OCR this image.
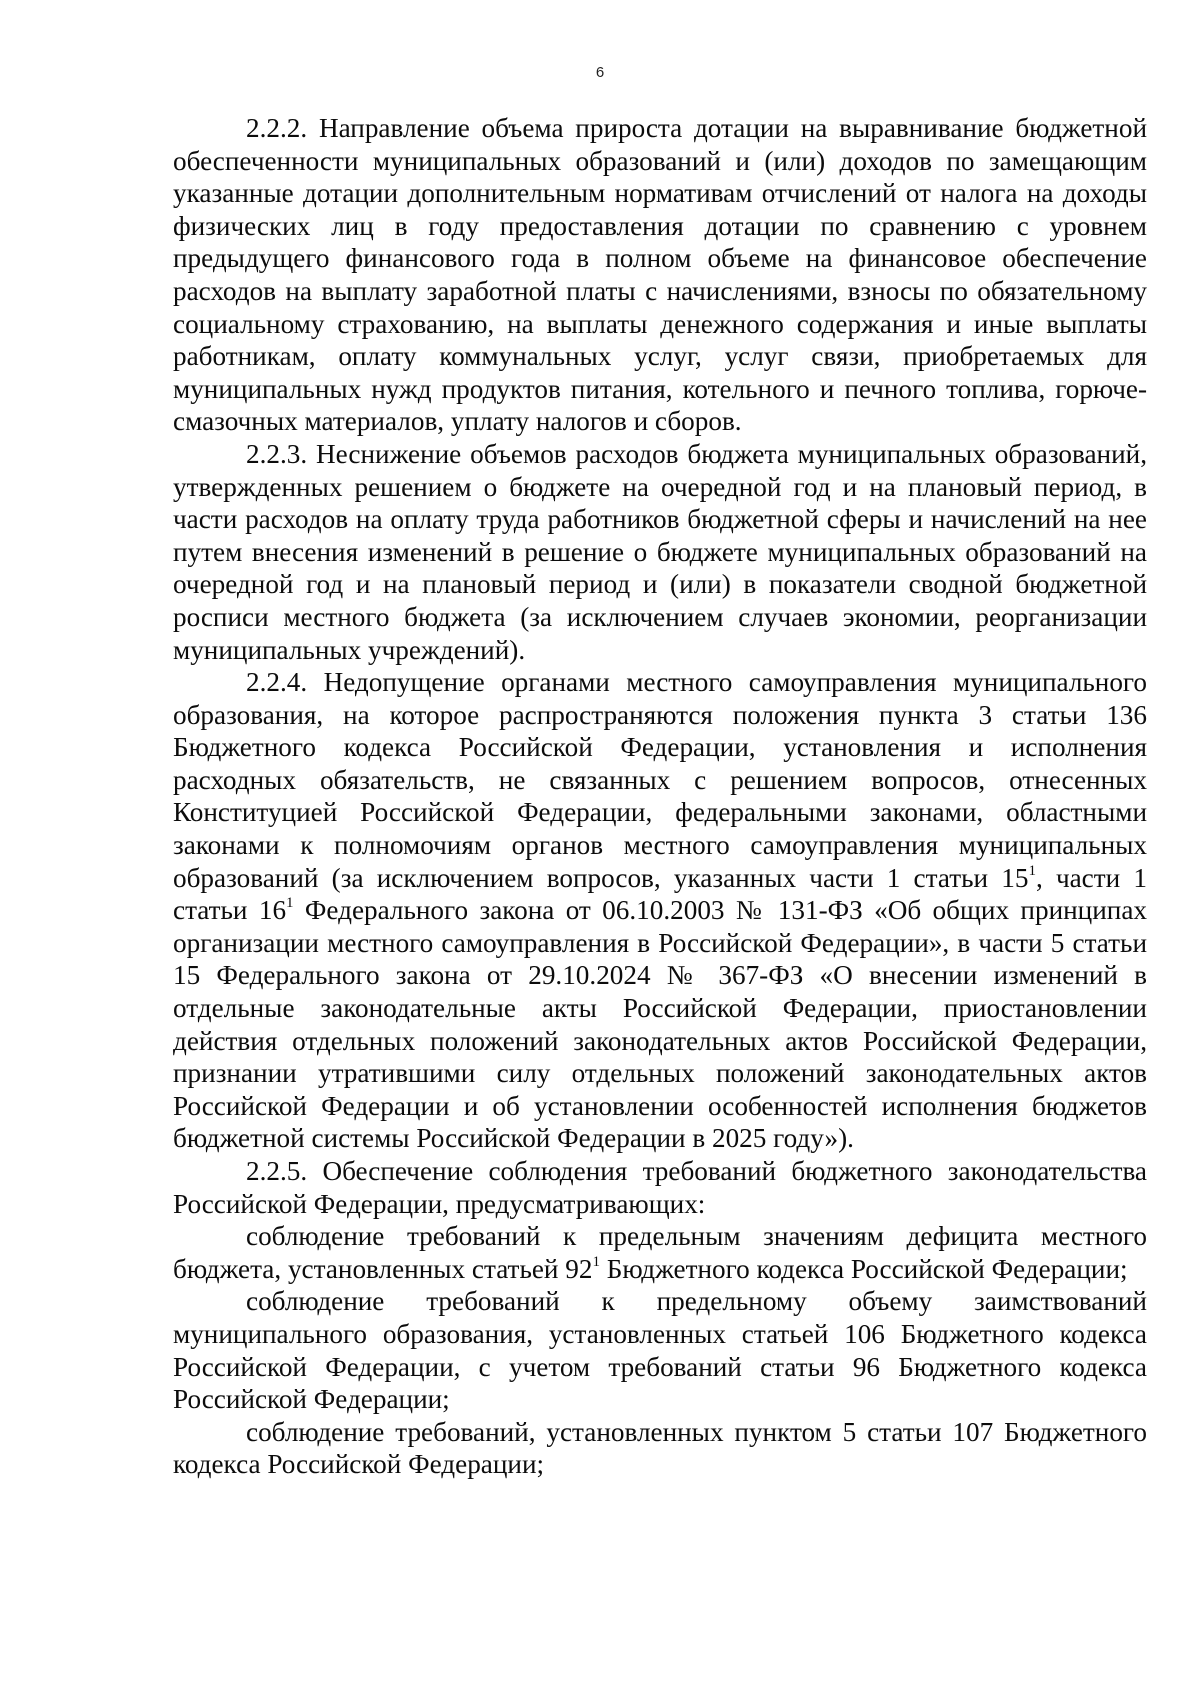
6

2.2.2. Направление объема прироста дотации на выравнивание бюджетной обеспеченности муниципальных образований и (или) доходов по замещающим указанные дотации дополнительным нормативам отчислений от налога на доходы физических лиц в году предоставления дотации по сравнению с уровнем предыдущего финансового года в полном объеме на финансовое обеспечение расходов на выплату заработной платы с начислениями, взносы по обязательному социальному страхованию, на выплаты денежного содержания и иные выплаты работникам, оплату коммунальных услуг, услуг связи, приобретаемых для муниципальных нужд продуктов питания, котельного и печного топлива, горюче-смазочных материалов, уплату налогов и сборов.

2.2.3. Неснижение объемов расходов бюджета муниципальных образований, утвержденных решением о бюджете на очередной год и на плановый период, в части расходов на оплату труда работников бюджетной сферы и начислений на нее путем внесения изменений в решение о бюджете муниципальных образований на очередной год и на плановый период и (или) в показатели сводной бюджетной росписи местного бюджета (за исключением случаев экономии, реорганизации муниципальных учреждений).

2.2.4. Недопущение органами местного самоуправления муниципального образования, на которое распространяются положения пункта 3 статьи 136 Бюджетного кодекса Российской Федерации, установления и исполнения расходных обязательств, не связанных с решением вопросов, отнесенных Конституцией Российской Федерации, федеральными законами, областными законами к полномочиям органов местного самоуправления муниципальных образований (за исключением вопросов, указанных части 1 статьи $15^1$, части 1 статьи $16^1$ Федерального закона от 06.10.2003 № 131-ФЗ «Об общих принципах организации местного самоуправления в Российской Федерации», в части 5 статьи 15 Федерального закона от 29.10.2024 № 367-ФЗ «О внесении изменений в отдельные законодательные акты Российской Федерации, приостановлении действия отдельных положений законодательных актов Российской Федерации, признании утратившими силу отдельных положений законодательных актов Российской Федерации и об установлении особенностей исполнения бюджетов бюджетной системы Российской Федерации в 2025 году»).

2.2.5. Обеспечение соблюдения требований бюджетного законодательства Российской Федерации, предусматривающих:

соблюдение требований к предельным значениям дефицита местного бюджета, установленных статьей $92^1$ Бюджетного кодекса Российской Федерации;

соблюдение требований к предельному объему заимствований муниципального образования, установленных статьей 106 Бюджетного кодекса Российской Федерации, с учетом требований статьи 96 Бюджетного кодекса Российской Федерации;

соблюдение требований, установленных пунктом 5 статьи 107 Бюджетного кодекса Российской Федерации;
